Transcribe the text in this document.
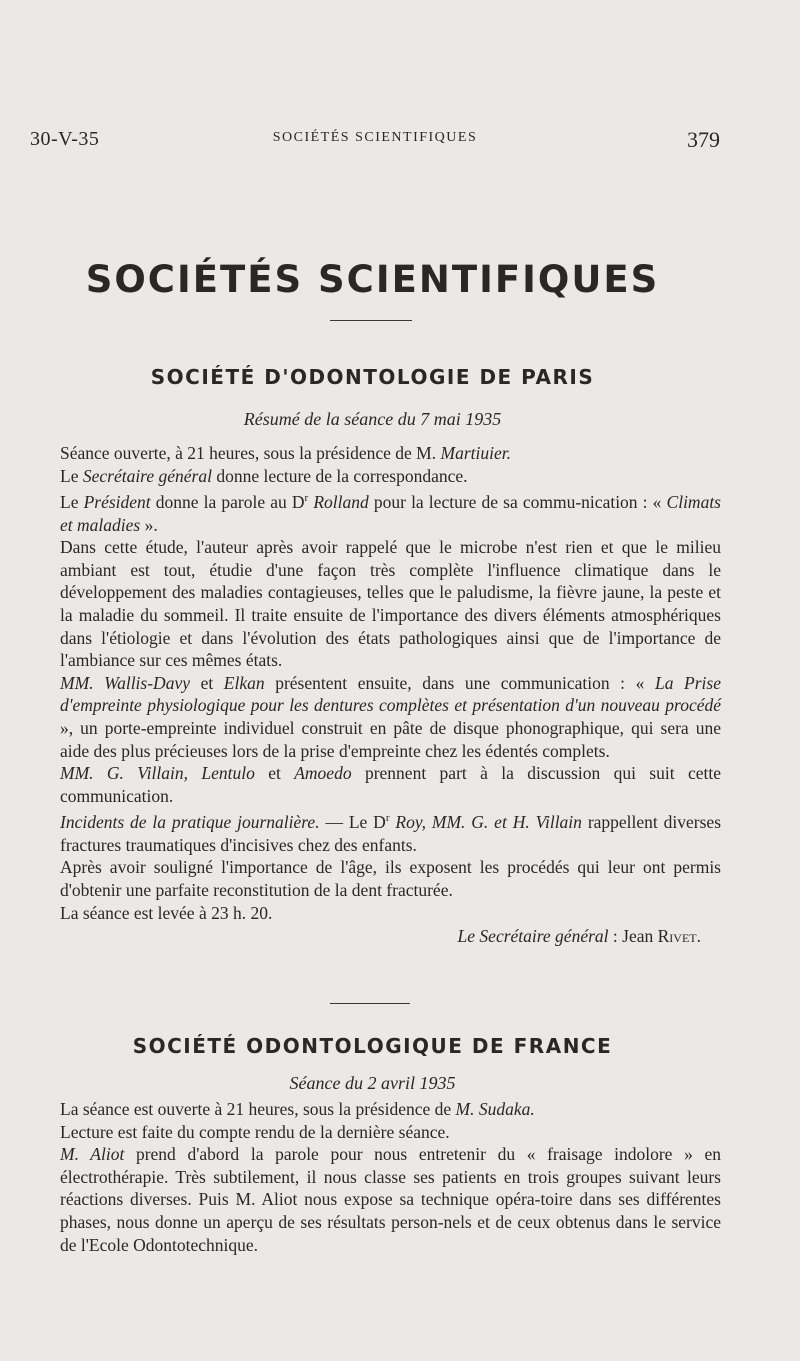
30-V-35	SOCIÉTÉS SCIENTIFIQUES	379
SOCIÉTÉS SCIENTIFIQUES
SOCIÉTÉ D'ODONTOLOGIE DE PARIS
Résumé de la séance du 7 mai 1935

Séance ouverte, à 21 heures, sous la présidence de M. Martiuier.

Le Secrétaire général donne lecture de la correspondance.

Le Président donne la parole au $D^r$ Rolland pour la lecture de sa commu-nication : « Climats et maladies ».

Dans cette étude, l'auteur après avoir rappelé que le microbe n'est rien et que le milieu ambiant est tout, étudie d'une façon très complète l'influence climatique dans le développement des maladies contagieuses, telles que le paludisme, la fièvre jaune, la peste et la maladie du sommeil. Il traite ensuite de l'importance des divers éléments atmosphériques dans l'étiologie et dans l'évolution des états pathologiques ainsi que de l'importance de l'ambiance sur ces mêmes états.

MM. Wallis-Davy et Elkan présentent ensuite, dans une communication : « La Prise d'empreinte physiologique pour les dentures complètes et présentation d'un nouveau procédé », un porte-empreinte individuel construit en pâte de disque phonographique, qui sera une aide des plus précieuses lors de la prise d'empreinte chez les édentés complets.

MM. G. Villain, Lentulo et Amoedo prennent part à la discussion qui suit cette communication.

Incidents de la pratique journalière. — Le $D^r$ Roy, MM. G. et H. Villain rappellent diverses fractures traumatiques d'incisives chez des enfants.

Après avoir souligné l'importance de l'âge, ils exposent les procédés qui leur ont permis d'obtenir une parfaite reconstitution de la dent fracturée.

La séance est levée à 23 h. 20.

Le Secrétaire général : Jean Rivet.

SOCIÉTÉ ODONTOLOGIQUE DE FRANCE
Séance du 2 avril 1935

La séance est ouverte à 21 heures, sous la présidence de M. Sudaka.

Lecture est faite du compte rendu de la dernière séance.

M. Aliot prend d'abord la parole pour nous entretenir du « fraisage indolore » en électrothérapie. Très subtilement, il nous classe ses patients en trois groupes suivant leurs réactions diverses. Puis M. Aliot nous expose sa technique opéra-toire dans ses différentes phases, nous donne un aperçu de ses résultats person-nels et de ceux obtenus dans le service de l'Ecole Odontotechnique.
